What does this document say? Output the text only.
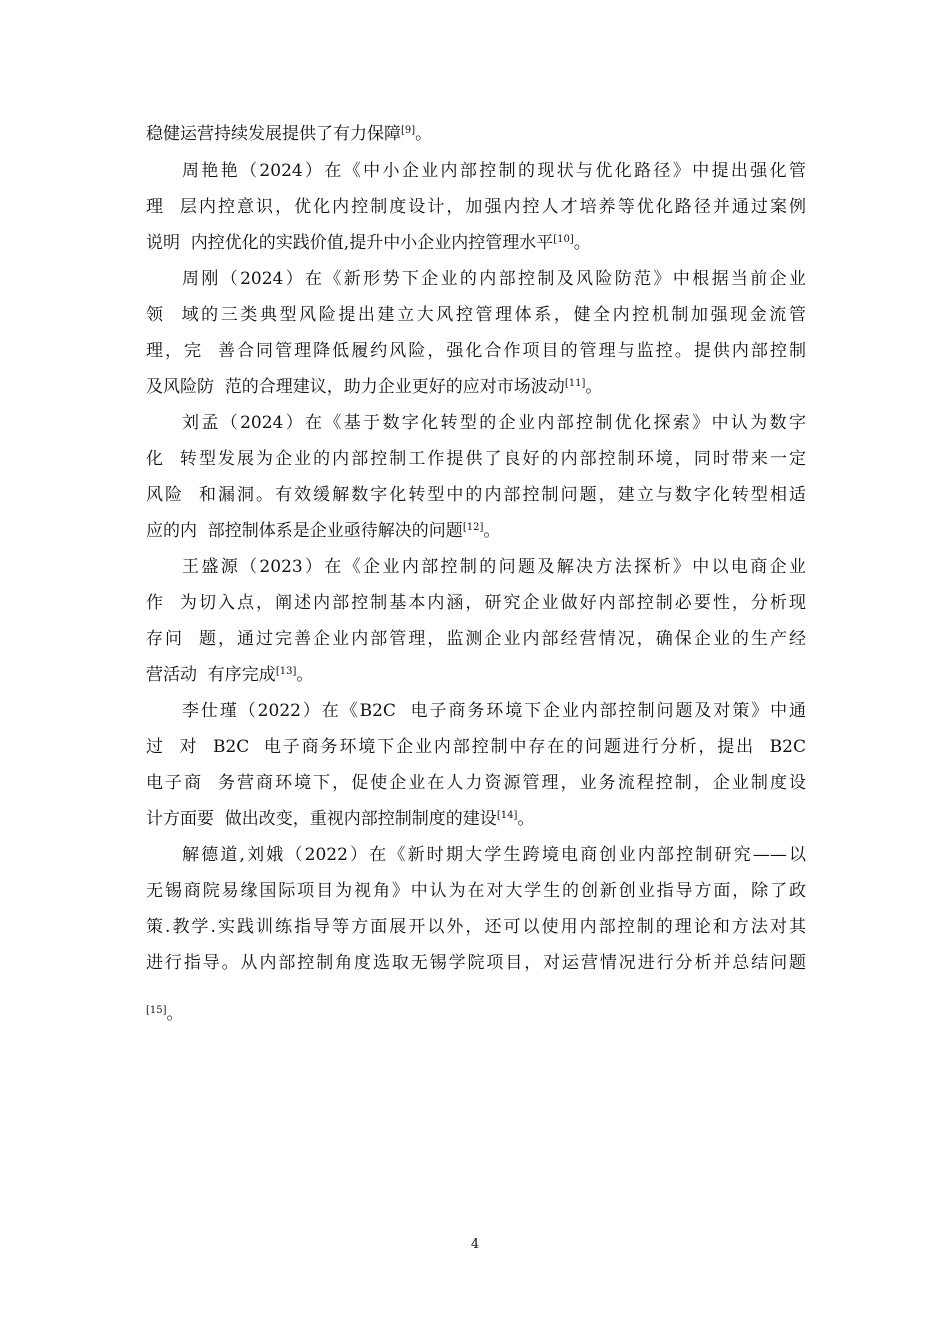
稳健运营持续发展提供了有力保障[9]。
周艳艳（2024）在《中小企业内部控制的现状与优化路径》中提出强化管
理  层内控意识，优化内控制度设计，加强内控人才培养等优化路径并通过案例
说明  内控优化的实践价值,提升中小企业内控管理水平[10]。
周刚（2024）在《新形势下企业的内部控制及风险防范》中根据当前企业
领  域的三类典型风险提出建立大风控管理体系，健全内控机制加强现金流管
理，完  善合同管理降低履约风险，强化合作项目的管理与监控。提供内部控制
及风险防  范的合理建议，助力企业更好的应对市场波动[11]。
刘孟（2024）在《基于数字化转型的企业内部控制优化探索》中认为数字
化  转型发展为企业的内部控制工作提供了良好的内部控制环境，同时带来一定
风险  和漏洞。有效缓解数字化转型中的内部控制问题，建立与数字化转型相适
应的内  部控制体系是企业亟待解决的问题[12]。
王盛源（2023）在《企业内部控制的问题及解决方法探析》中以电商企业
作  为切入点，阐述内部控制基本内涵，研究企业做好内部控制必要性，分析现
存问  题，通过完善企业内部管理，监测企业内部经营情况，确保企业的生产经
营活动  有序完成[13]。
李仕瑾（2022）在《B2C  电子商务环境下企业内部控制问题及对策》中通
过  对  B2C  电子商务环境下企业内部控制中存在的问题进行分析，提出  B2C
电子商  务营商环境下，促使企业在人力资源管理，业务流程控制，企业制度设
计方面要  做出改变，重视内部控制制度的建设[14]。
解德道,刘娥（2022）在《新时期大学生跨境电商创业内部控制研究——以
无锡商院易缘国际项目为视角》中认为在对大学生的创新创业指导方面，除了政
策.教学.实践训练指导等方面展开以外，还可以使用内部控制的理论和方法对其
进行指导。从内部控制角度选取无锡学院项目，对运营情况进行分析并总结问题
[15]。
4
